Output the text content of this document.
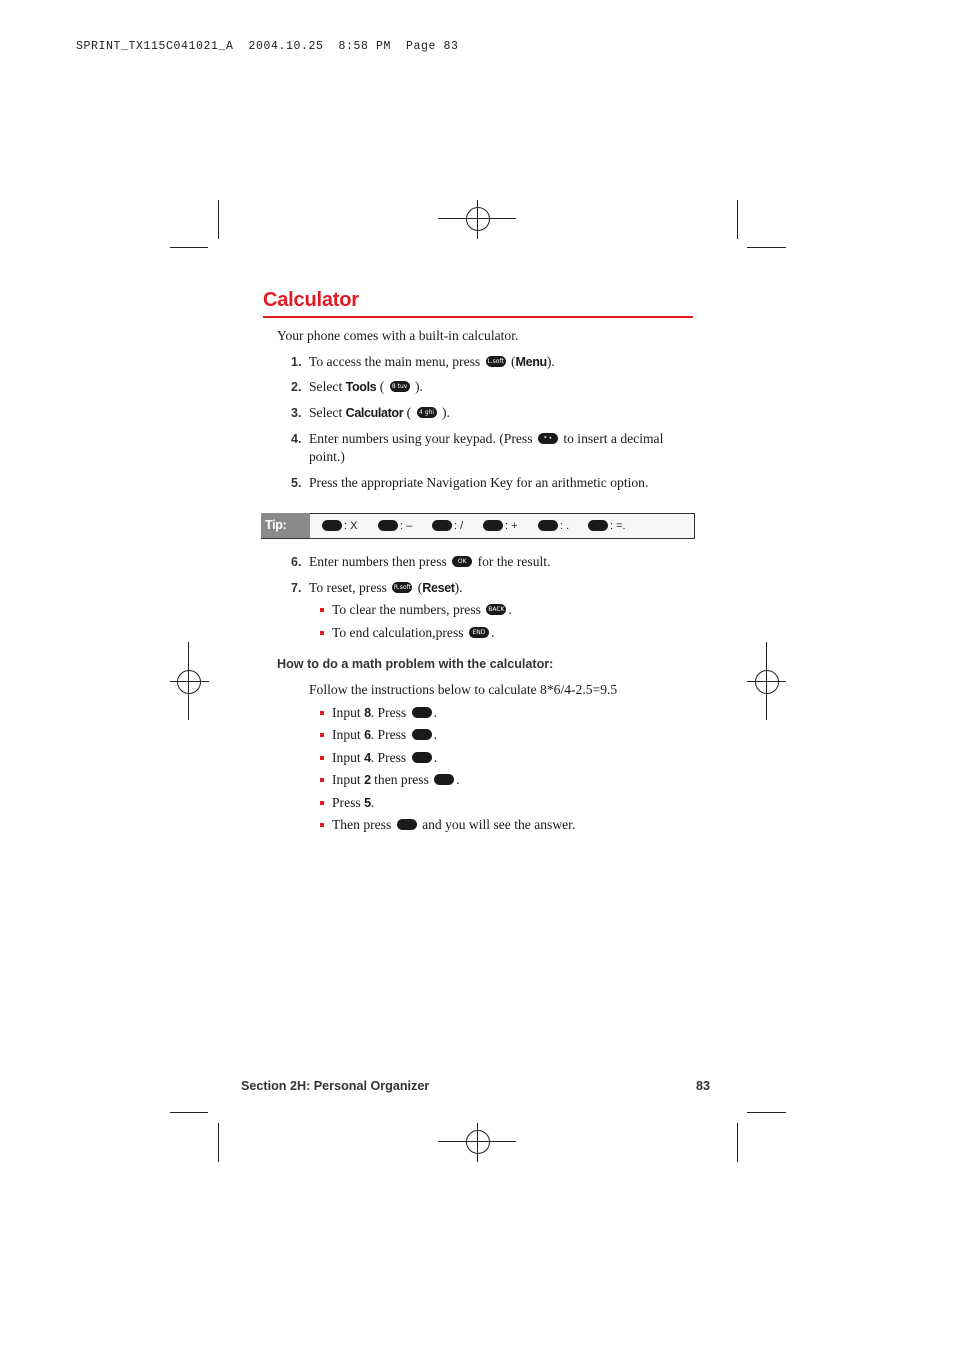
SPRINT_TX115C041021_A  2004.10.25  8:58 PM  Page 83
Calculator
Your phone comes with a built-in calculator.
1. To access the main menu, press L.soft (Menu).
2. Select Tools ( 8 tuv ).
3. Select Calculator ( 4 ghi ).
4. Enter numbers using your keypad. (Press * • to insert a decimal
point.)
5. Press the appropriate Navigation Key for an arithmetic option.
Tip:	: X	: –	: /	: +	: .	: =.
6. Enter numbers then press OK for the result.
7. To reset, press R.soft (Reset).
To clear the numbers, press BACK .
To end calculation,press END .
How to do a math problem with the calculator:
Follow the instructions below to calculate 8*6/4-2.5=9.5
Input 8. Press .
Input 6. Press .
Input 4. Press .
Input 2 then press .
Press 5.
Then press and you will see the answer.
Section 2H: Personal Organizer	83
